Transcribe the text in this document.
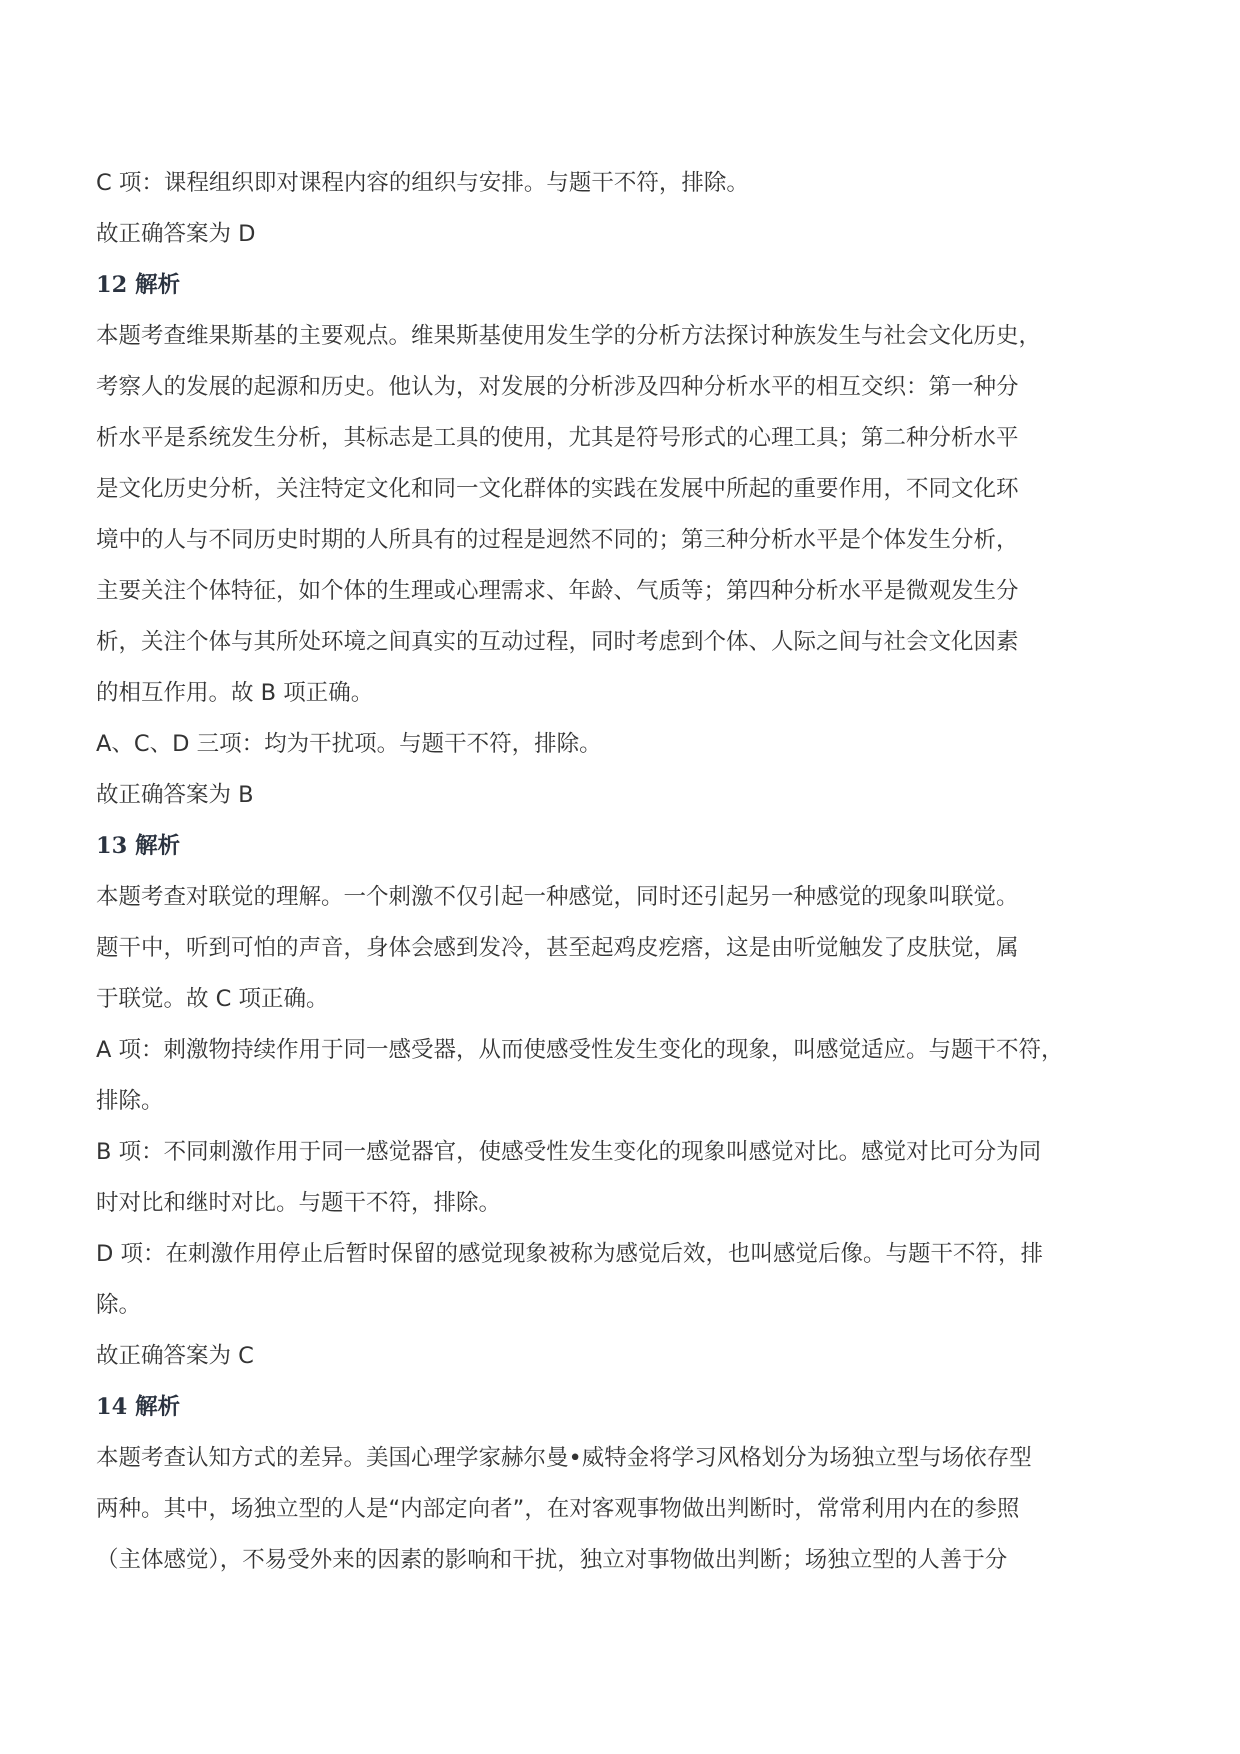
C 项：课程组织即对课程内容的组织与安排。与题干不符，排除。
故正确答案为 D
12 解析
本题考查维果斯基的主要观点。维果斯基使用发生学的分析方法探讨种族发生与社会文化历史，
考察人的发展的起源和历史。他认为，对发展的分析涉及四种分析水平的相互交织：第一种分
析水平是系统发生分析，其标志是工具的使用，尤其是符号形式的心理工具；第二种分析水平
是文化历史分析，关注特定文化和同一文化群体的实践在发展中所起的重要作用，不同文化环
境中的人与不同历史时期的人所具有的过程是迥然不同的；第三种分析水平是个体发生分析，
主要关注个体特征，如个体的生理或心理需求、年龄、气质等；第四种分析水平是微观发生分
析，关注个体与其所处环境之间真实的互动过程，同时考虑到个体、人际之间与社会文化因素
的相互作用。故 B 项正确。
A、C、D 三项：均为干扰项。与题干不符，排除。
故正确答案为 B
13 解析
本题考查对联觉的理解。一个刺激不仅引起一种感觉，同时还引起另一种感觉的现象叫联觉。
题干中，听到可怕的声音，身体会感到发冷，甚至起鸡皮疙瘩，这是由听觉触发了皮肤觉，属
于联觉。故 C 项正确。
A 项：刺激物持续作用于同一感受器，从而使感受性发生变化的现象，叫感觉适应。与题干不符，
排除。
B 项：不同刺激作用于同一感觉器官，使感受性发生变化的现象叫感觉对比。感觉对比可分为同
时对比和继时对比。与题干不符，排除。
D 项：在刺激作用停止后暂时保留的感觉现象被称为感觉后效，也叫感觉后像。与题干不符，排
除。
故正确答案为 C
14 解析
本题考查认知方式的差异。美国心理学家赫尔曼•威特金将学习风格划分为场独立型与场依存型
两种。其中，场独立型的人是“内部定向者”，在对客观事物做出判断时，常常利用内在的参照
（主体感觉），不易受外来的因素的影响和干扰，独立对事物做出判断；场独立型的人善于分
